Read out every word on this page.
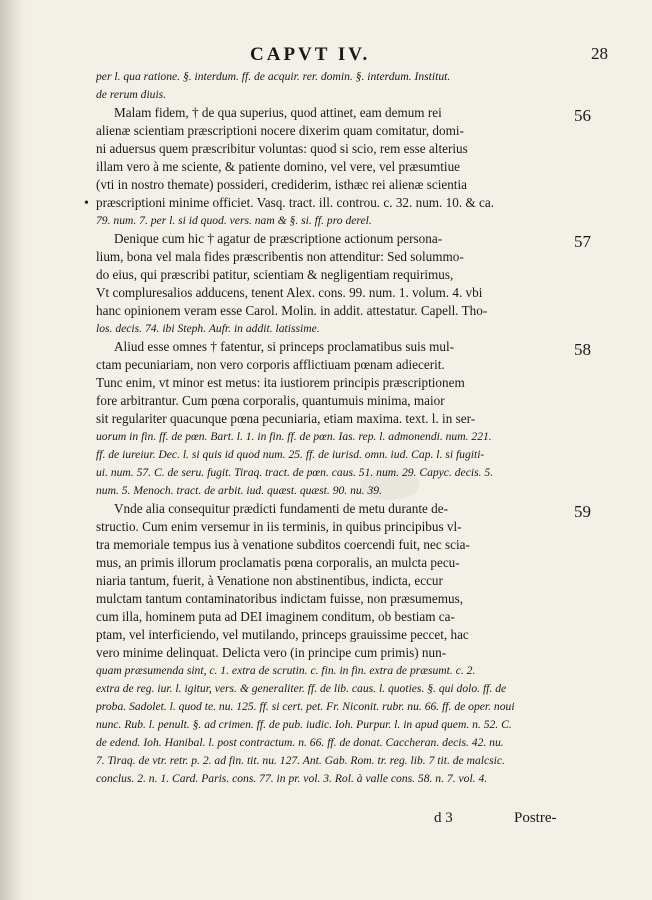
CAPVT IV.	28
per l. qua ratione. §. interdum. ff. de acquir. rer. domin. §. interdum. Institut.
de rerum diuis.
Malam fidem, † de qua superius, quod attinet, eam demum rei
alienæ scientiam præscriptioni nocere dixerim quam comitatur, domi-
ni aduersus quem præscribitur voluntas: quod si scio, rem esse alterius
illam vero à me sciente, & patiente domino, vel vere, vel præsumtiue
(vti in nostro themate) possideri, crediderim, isthæc rei alienæ scientia
præscriptioni minime officiet. Vasq. tract. ill. controu. c. 32. num. 10. & ca.
79. num. 7. per l. si id quod. vers. nam & §. si. ff. pro derel.
Denique cum hic † agatur de præscriptione actionum persona-
lium, bona vel mala fides præscribentis non attenditur: Sed solummo-
do eius, qui præscribi patitur, scientiam & negligentiam requirimus,
Vt compluresalios adducens, tenent Alex. cons. 99. num. 1. volum. 4. vbi
hanc opinionem veram esse Carol. Molin. in addit. attestatur. Capell. Tho-
los. decis. 74. ibi Steph. Aufr. in addit. latissime.
Aliud esse omnes † fatentur, si princeps proclamatibus suis mul-
ctam pecuniariam, non vero corporis afflictiuam pœnam adiecerit.
Tunc enim, vt minor est metus: ita iustiorem principis præscriptionem
fore arbitrantur. Cum pœna corporalis, quantumuis minima, maior
sit regulariter quacunque pœna pecuniaria, etiam maxima. text. l. in ser-
uorum in fin. ff. de pœn. Bart. l. 1. in fin. ff. de pœn. Ias. rep. l. admonendi. num. 221.
ff. de iureiur. Dec. l. si quis id quod num. 25. ff. de iurisd. omn. iud. Cap. l. si fugiti-
ui. num. 57. C. de seru. fugit. Tiraq. tract. de pœn. caus. 51. num. 29. Capyc. decis. 5.
num. 5. Menoch. tract. de arbit. iud. quæst. quæst. 90. nu. 39.
Vnde alia consequitur prædicti fundamenti de metu durante de-
structio. Cum enim versemur in iis terminis, in quibus principibus vl-
tra memoriale tempus ius à venatione subditos coercendi fuit, nec scia-
mus, an primis illorum proclamatis pœna corporalis, an mulcta pecu-
niaria tantum, fuerit, à Venatione non abstinentibus, indicta, eccur
mulctam tantum contaminatoribus indictam fuisse, non præsumemus,
cum illa, hominem puta ad DEI imaginem conditum, ob bestiam ca-
ptam, vel interficiendo, vel mutilando, princeps grauissime peccet, hac
vero minime delinquat. Delicta vero (in principe cum primis) nun-
quam præsumenda sint, c. 1. extra de scrutin. c. fin. in fin. extra de præsumt. c. 2.
extra de reg. iur. l. igitur, vers. & generaliter. ff. de lib. caus. l. quoties. §. qui dolo. ff. de
proba. Sadolet. l. quod te. nu. 125. ff. si cert. pet. Fr. Niconit. rubr. nu. 66. ff. de oper. noui
nunc. Rub. l. penult. §. ad crimen. ff. de pub. iudic. Ioh. Purpur. l. in apud quem. n. 52. C.
de edend. Ioh. Hanibal. l. post contractum. n. 66. ff. de donat. Caccheran. decis. 42. nu.
7. Tiraq. de vtr. retr. p. 2. ad fin. tit. nu. 127. Ant. Gab. Rom. tr. reg. lib. 7 tit. de malcsic.
conclus. 2. n. 1. Card. Paris. cons. 77. in pr. vol. 3. Rol. à valle cons. 58. n. 7. vol. 4.
56
57
58
59
•
d 3	Postre-
